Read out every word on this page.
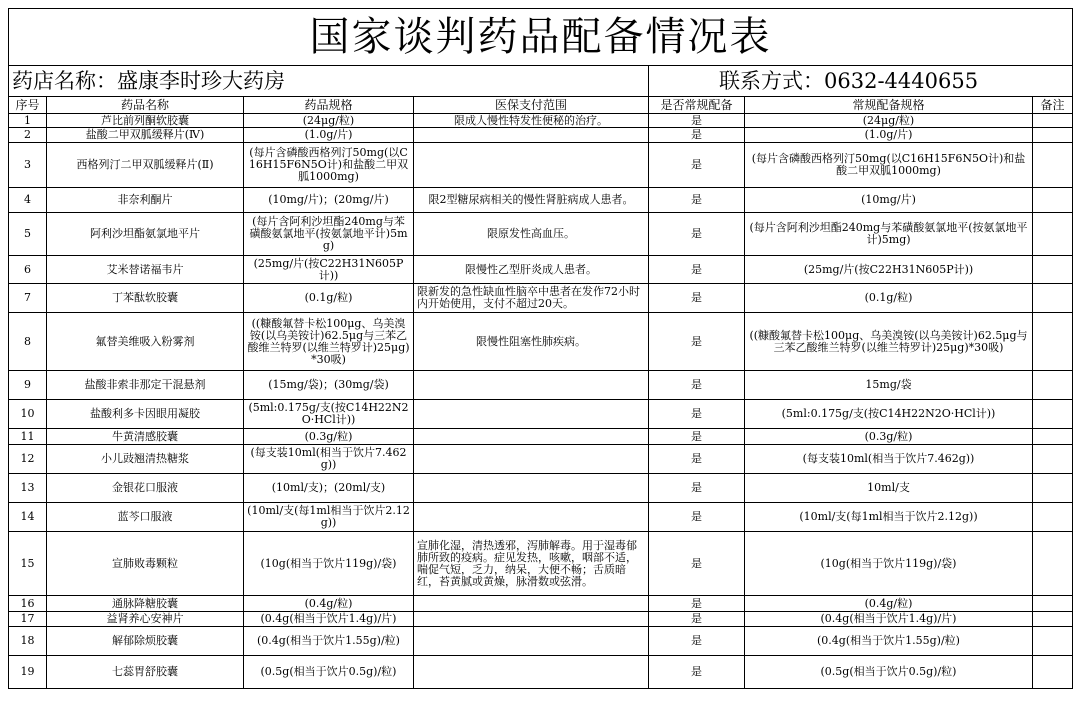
国家谈判药品配备情况表						
药店名称：盛康李时珍大药房				联系方式：0632-4440655		
序号	药品名称	药品规格	医保支付范围	是否常规配备	常规配备规格	备注
1	芦比前列酮软胶囊	(24μg/粒)	限成人慢性特发性便秘的治疗。	是	(24μg/粒)	
2	盐酸二甲双胍缓释片(Ⅳ)	(1.0g/片)		是	(1.0g/片)	
3	西格列汀二甲双胍缓释片(Ⅱ)	(每片含磷酸西格列汀50mg(以C16H15F6N5O计)和盐酸二甲双胍1000mg)		是	(每片含磷酸西格列汀50mg(以C16H15F6N5O计)和盐酸二甲双胍1000mg)	
4	非奈利酮片	(10mg/片)；(20mg/片)	限2型糖尿病相关的慢性肾脏病成人患者。	是	(10mg/片)	
5	阿利沙坦酯氨氯地平片	(每片含阿利沙坦酯240mg与苯磺酸氨氯地平(按氨氯地平计)5mg)	限原发性高血压。	是	(每片含阿利沙坦酯240mg与苯磺酸氨氯地平(按氨氯地平计)5mg)	
6	艾米替诺福韦片	(25mg/片(按C22H31N605P计))	限慢性乙型肝炎成人患者。	是	(25mg/片(按C22H31N605P计))	
7	丁苯酞软胶囊	(0.1g/粒)	限新发的急性缺血性脑卒中患者在发作72小时内开始使用，支付不超过20天。	是	(0.1g/粒)	
8	氟替美维吸入粉雾剂	((糠酸氟替卡松100μg、乌美溴铵(以乌美铵计)62.5μg与三苯乙酸维兰特罗(以维兰特罗计)25μg)*30吸)	限慢性阻塞性肺疾病。	是	((糠酸氟替卡松100μg、乌美溴铵(以乌美铵计)62.5μg与三苯乙酸维兰特罗(以维兰特罗计)25μg)*30吸)	
9	盐酸非索非那定干混悬剂	(15mg/袋)；(30mg/袋)		是	15mg/袋	
10	盐酸利多卡因眼用凝胶	(5ml:0.175g/支(按C14H22N2O·HCl计))		是	(5ml:0.175g/支(按C14H22N2O·HCl计))	
11	牛黄清感胶囊	(0.3g/粒)		是	(0.3g/粒)	
12	小儿豉翘清热糖浆	(每支装10ml(相当于饮片7.462g))		是	(每支装10ml(相当于饮片7.462g))	
13	金银花口服液	(10ml/支)；(20ml/支)		是	10ml/支	
14	蓝芩口服液	(10ml/支(每1ml相当于饮片2.12g))		是	(10ml/支(每1ml相当于饮片2.12g))	
15	宣肺败毒颗粒	(10g(相当于饮片119g)/袋)	宣肺化湿，清热透邪，泻肺解毒。用于湿毒郁肺所致的疫病。症见发热，咳嗽，咽部不适，喘促气短，乏力，纳呆，大便不畅；舌质暗红，苔黄腻或黄燥，脉滑数或弦滑。	是	(10g(相当于饮片119g)/袋)	
16	通脉降糖胶囊	(0.4g/粒)		是	(0.4g/粒)	
17	益肾养心安神片	(0.4g(相当于饮片1.4g)/片)		是	(0.4g(相当于饮片1.4g)/片)	
18	解郁除烦胶囊	(0.4g(相当于饮片1.55g)/粒)		是	(0.4g(相当于饮片1.55g)/粒)	
19	七蕊胃舒胶囊	(0.5g(相当于饮片0.5g)/粒)		是	(0.5g(相当于饮片0.5g)/粒)	
